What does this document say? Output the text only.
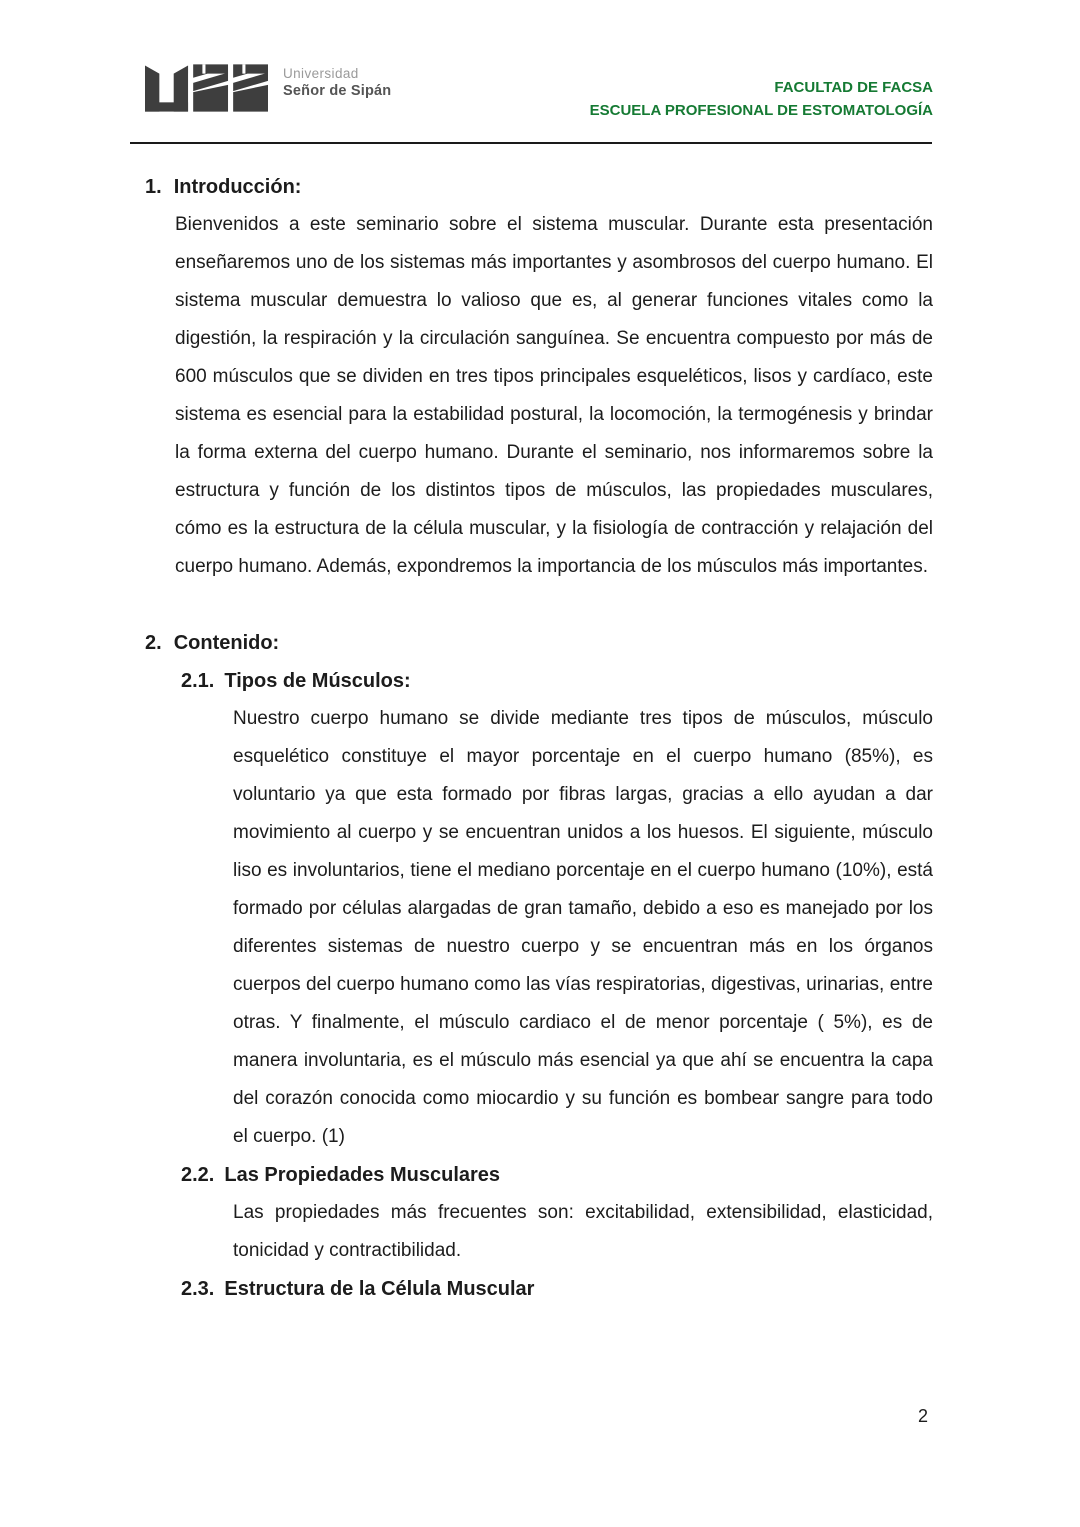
Universidad
Señor de Sipán	FACULTAD DE FACSA
ESCUELA PROFESIONAL DE ESTOMATOLOGÍA
1. Introducción:

Bienvenidos a este seminario sobre el sistema muscular. Durante esta presentación enseñaremos uno de los sistemas más importantes y asombrosos del cuerpo humano. El sistema muscular demuestra lo valioso que es, al generar funciones vitales como la digestión, la respiración y la circulación sanguínea. Se encuentra compuesto por más de 600 músculos que se dividen en tres tipos principales esqueléticos, lisos y cardíaco, este sistema es esencial para la estabilidad postural, la locomoción, la termogénesis y brindar la forma externa del cuerpo humano. Durante el seminario, nos informaremos sobre la estructura y función de los distintos tipos de músculos, las propiedades musculares, cómo es la estructura de la célula muscular, y la fisiología de contracción y relajación del cuerpo humano. Además, expondremos la importancia de los músculos más importantes.

2. Contenido:
2.1. Tipos de Músculos:

Nuestro cuerpo humano se divide mediante tres tipos de músculos, músculo esquelético constituye el mayor porcentaje en el cuerpo humano (85%), es voluntario ya que esta formado por fibras largas, gracias a ello ayudan a dar movimiento al cuerpo y se encuentran unidos a los huesos. El siguiente, músculo liso es involuntarios, tiene el mediano porcentaje en el cuerpo humano (10%), está formado por células alargadas de gran tamaño, debido a eso es manejado por los diferentes sistemas de nuestro cuerpo y se encuentran más en los órganos cuerpos del cuerpo humano como las vías respiratorias, digestivas, urinarias, entre otras. Y finalmente, el músculo cardiaco el de menor porcentaje ( 5%), es de manera involuntaria, es el músculo más esencial ya que ahí se encuentra la capa del corazón conocida como miocardio y su función es bombear sangre para todo el cuerpo. (1)

2.2. Las Propiedades Musculares

Las propiedades más frecuentes son: excitabilidad, extensibilidad, elasticidad, tonicidad y contractibilidad.

2.3. Estructura de la Célula Muscular
2
